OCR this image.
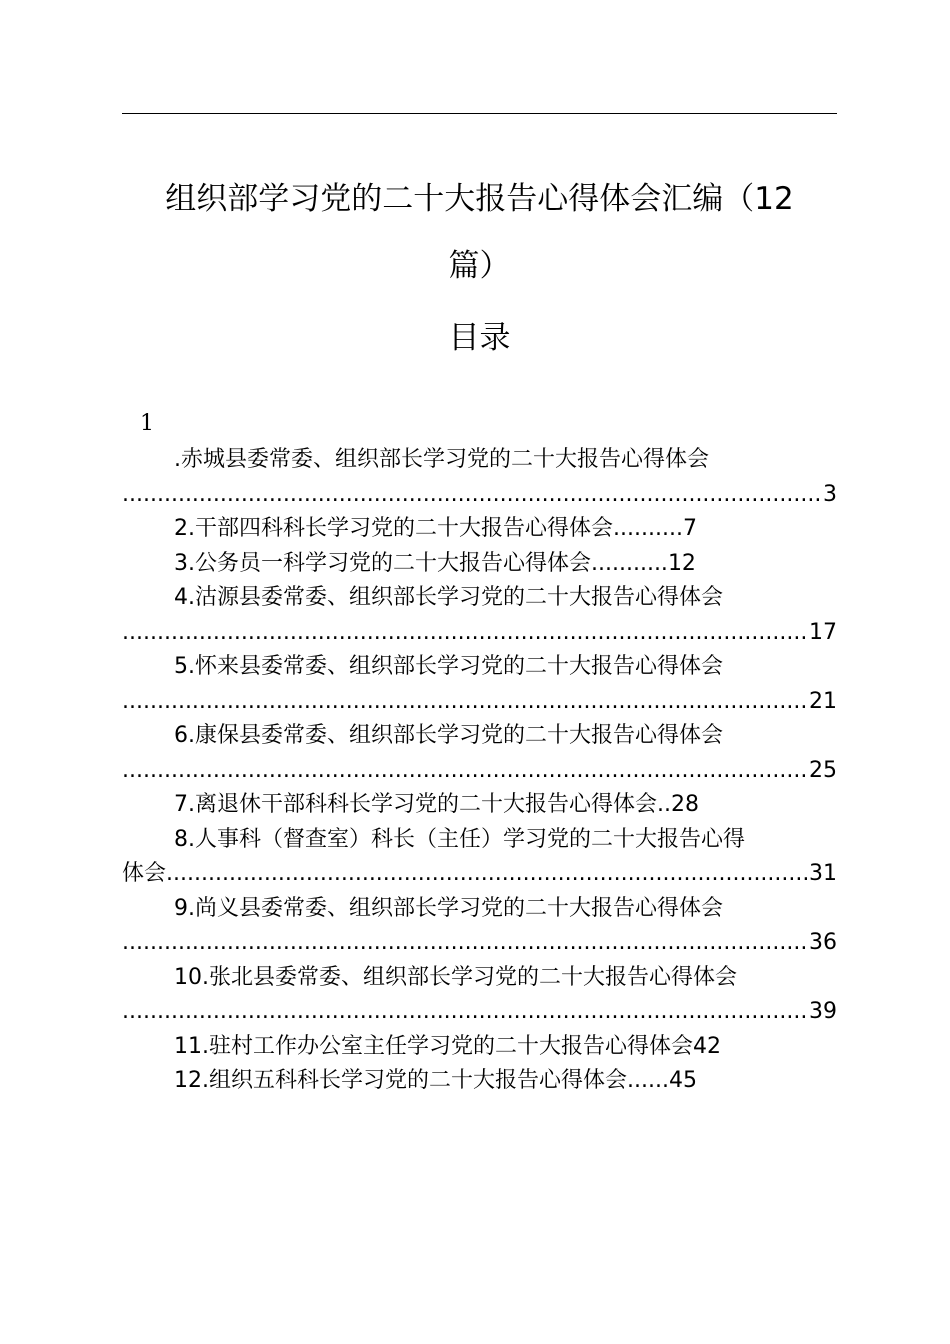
组织部学习党的二十大报告心得体会汇编（12
篇）
目录
1
.赤城县委常委、组织部长学习党的二十大报告心得体会
.....
3
2.干部四科科长学习党的二十大报告心得体会..........7
3.公务员一科学习党的二十大报告心得体会...........12
4.沽源县委常委、组织部长学习党的二十大报告心得体会
.....
17
5.怀来县委常委、组织部长学习党的二十大报告心得体会
.....
21
6.康保县委常委、组织部长学习党的二十大报告心得体会
.....
25
7.离退休干部科科长学习党的二十大报告心得体会..28
8.人事科（督查室）科长（主任）学习党的二十大报告心得
体会 .....	31
9.尚义县委常委、组织部长学习党的二十大报告心得体会
.....
36
10.张北县委常委、组织部长学习党的二十大报告心得体会
.....
39
11.驻村工作办公室主任学习党的二十大报告心得体会42
12.组织五科科长学习党的二十大报告心得体会......45
